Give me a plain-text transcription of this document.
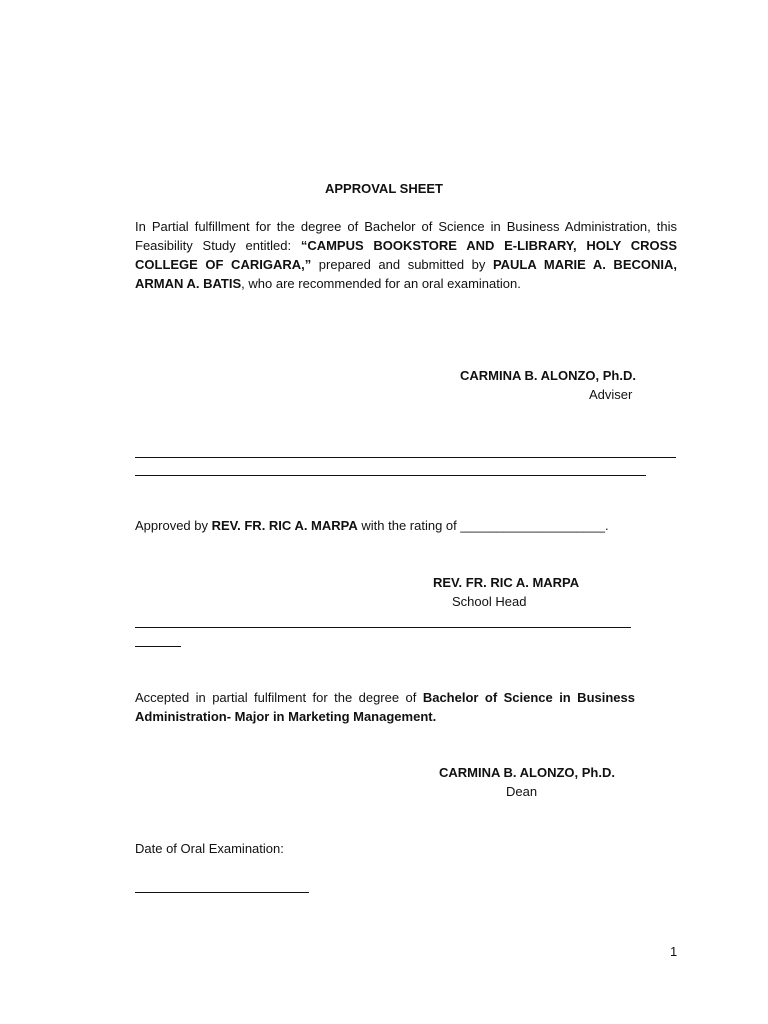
APPROVAL SHEET
In Partial fulfillment for the degree of Bachelor of Science in Business Administration, this Feasibility Study entitled: “CAMPUS BOOKSTORE AND E-LIBRARY, HOLY CROSS COLLEGE OF CARIGARA,” prepared and submitted by PAULA MARIE A. BECONIA, ARMAN A. BATIS, who are recommended for an oral examination.
CARMINA B. ALONZO, Ph.D.
Adviser
Approved by REV. FR. RIC A. MARPA with the rating of ____________________.
REV. FR. RIC A. MARPA
School Head
Accepted in partial fulfilment for the degree of Bachelor of Science in Business Administration- Major in Marketing Management.
CARMINA B. ALONZO, Ph.D.
Dean
Date of Oral Examination:
1
